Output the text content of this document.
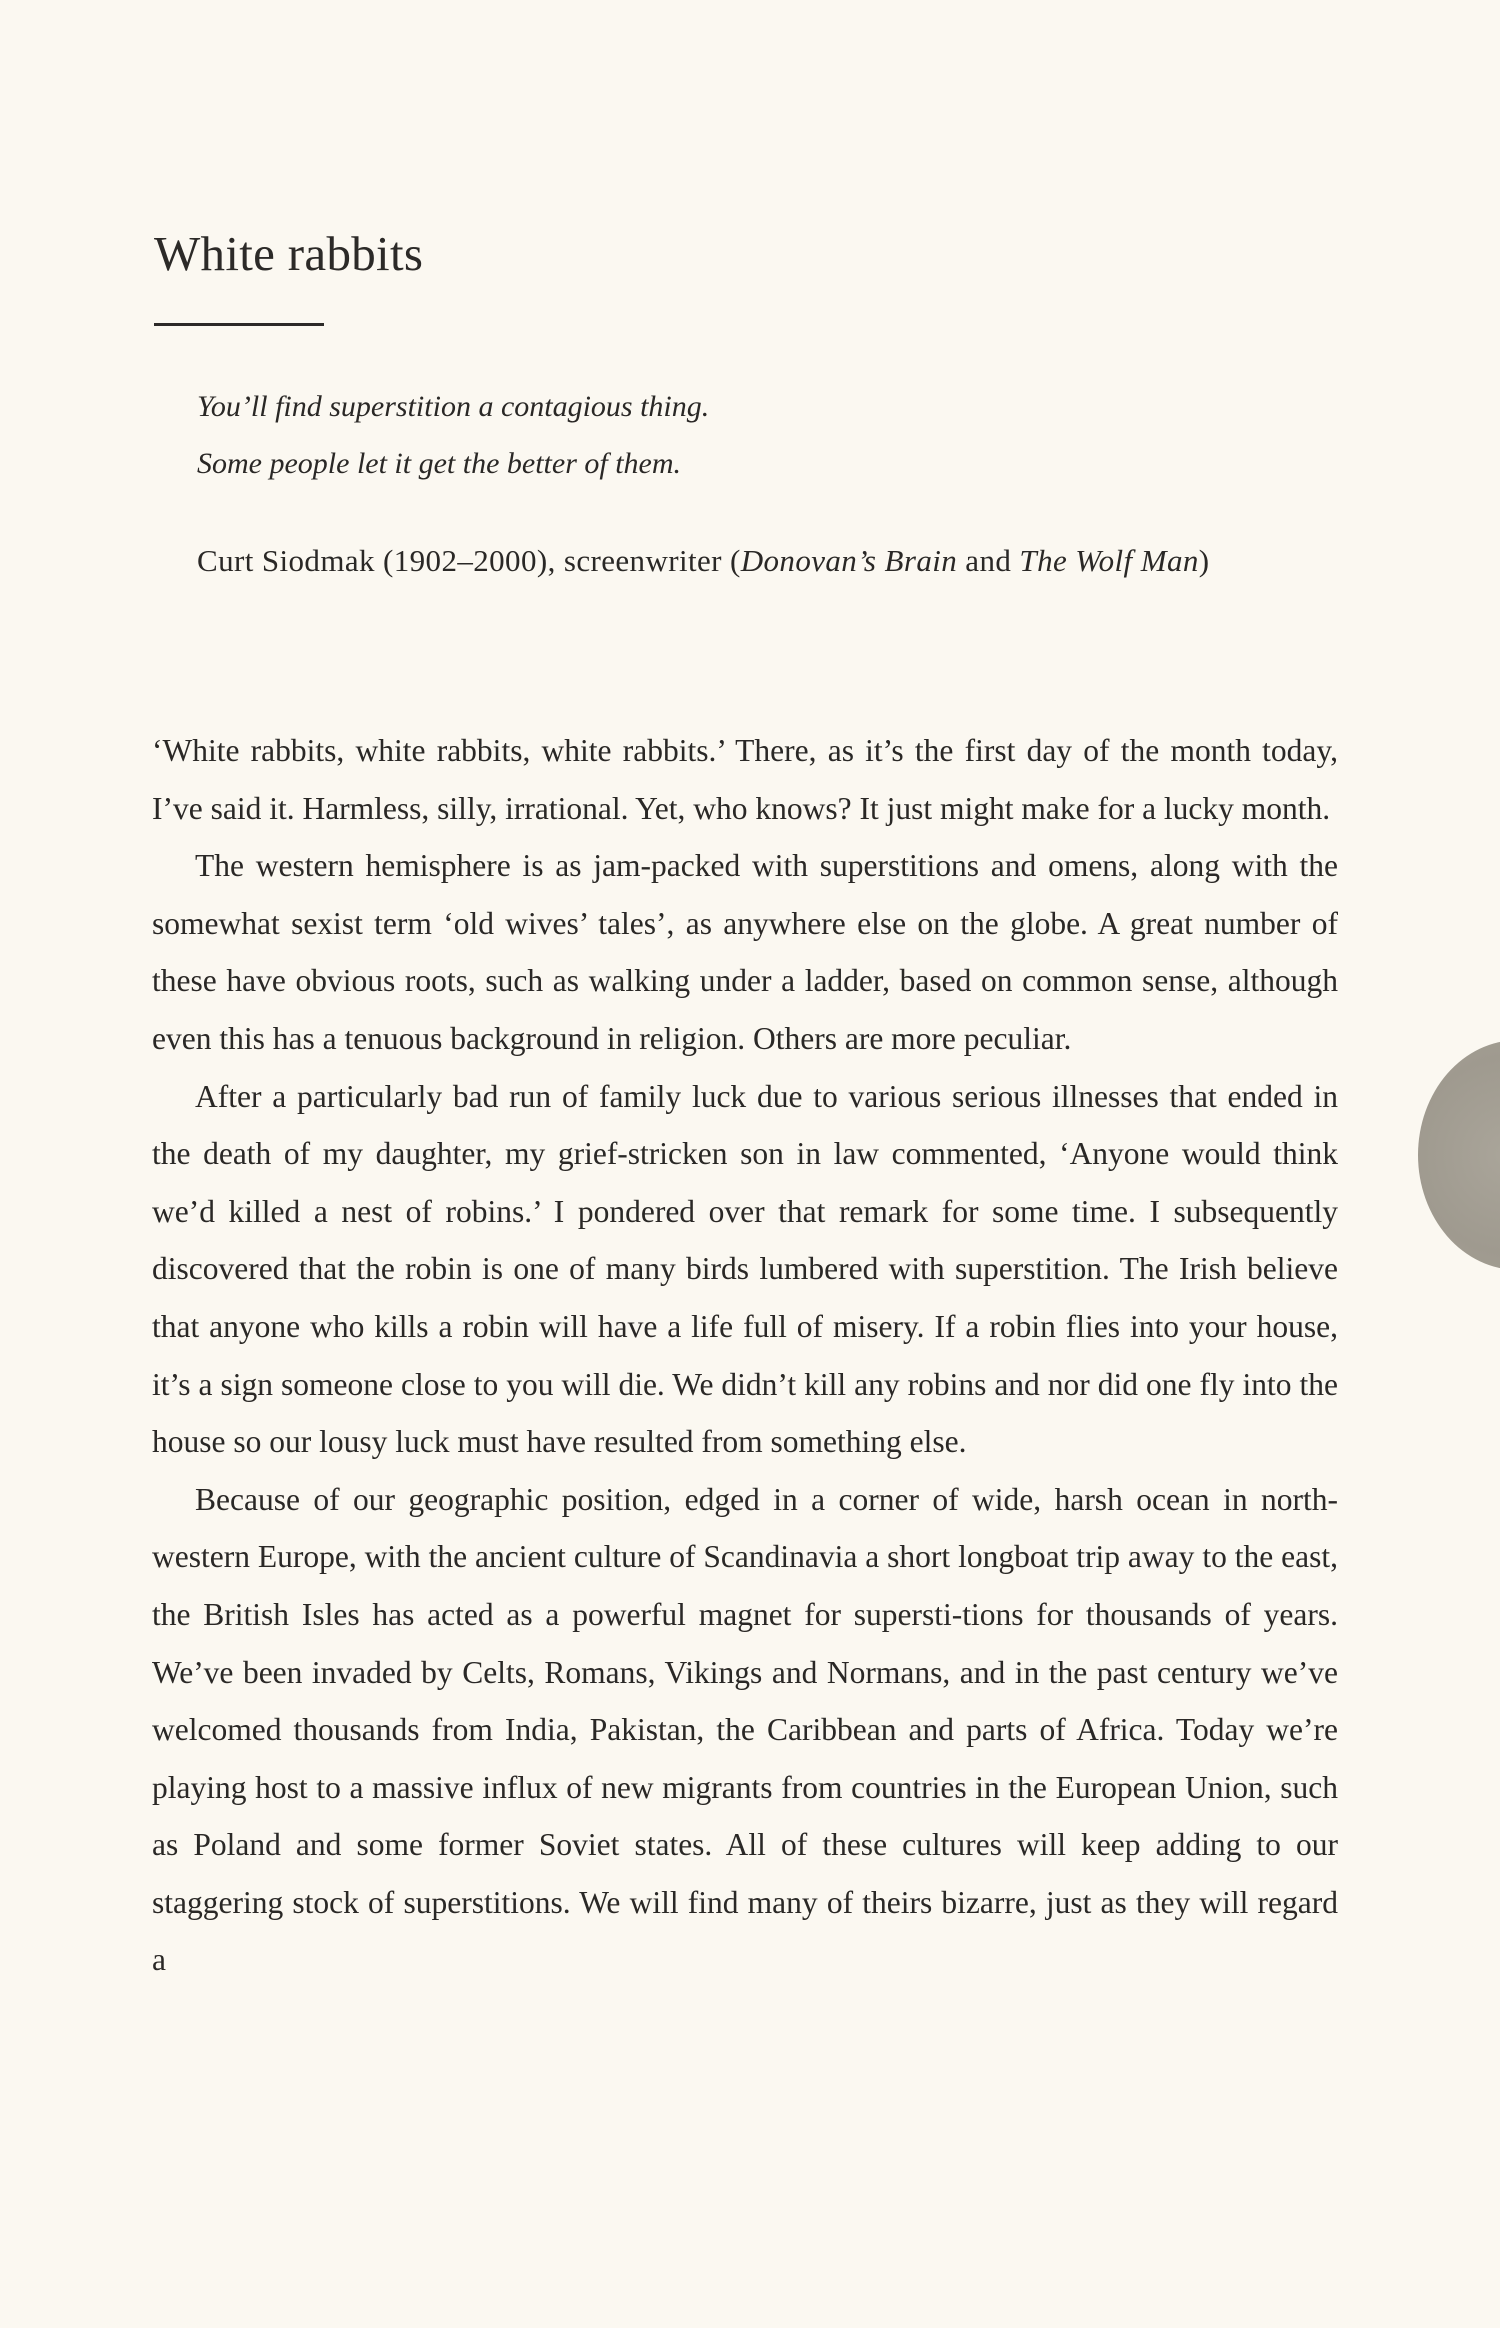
White rabbits
You’ll find superstition a contagious thing.
Some people let it get the better of them.
Curt Siodmak (1902–2000), screenwriter (Donovan’s Brain and The Wolf Man)

‘White rabbits, white rabbits, white rabbits.’ There, as it’s the first day of the month today, I’ve said it. Harmless, silly, irrational. Yet, who knows? It just might make for a lucky month.

The western hemisphere is as jam-packed with superstitions and omens, along with the somewhat sexist term ‘old wives’ tales’, as anywhere else on the globe. A great number of these have obvious roots, such as walking under a ladder, based on common sense, although even this has a tenuous background in religion. Others are more peculiar.

After a particularly bad run of family luck due to various serious illnesses that ended in the death of my daughter, my grief-stricken son in law commented, ‘Anyone would think we’d killed a nest of robins.’ I pondered over that remark for some time. I subsequently discovered that the robin is one of many birds lumbered with superstition. The Irish believe that anyone who kills a robin will have a life full of misery. If a robin flies into your house, it’s a sign someone close to you will die. We didn’t kill any robins and nor did one fly into the house so our lousy luck must have resulted from something else.

Because of our geographic position, edged in a corner of wide, harsh ocean in north-western Europe, with the ancient culture of Scandinavia a short longboat trip away to the east, the British Isles has acted as a powerful magnet for supersti-tions for thousands of years. We’ve been invaded by Celts, Romans, Vikings and Normans, and in the past century we’ve welcomed thousands from India, Pakistan, the Caribbean and parts of Africa. Today we’re playing host to a massive influx of new migrants from countries in the European Union, such as Poland and some former Soviet states. All of these cultures will keep adding to our staggering stock of superstitions. We will find many of theirs bizarre, just as they will regard a
